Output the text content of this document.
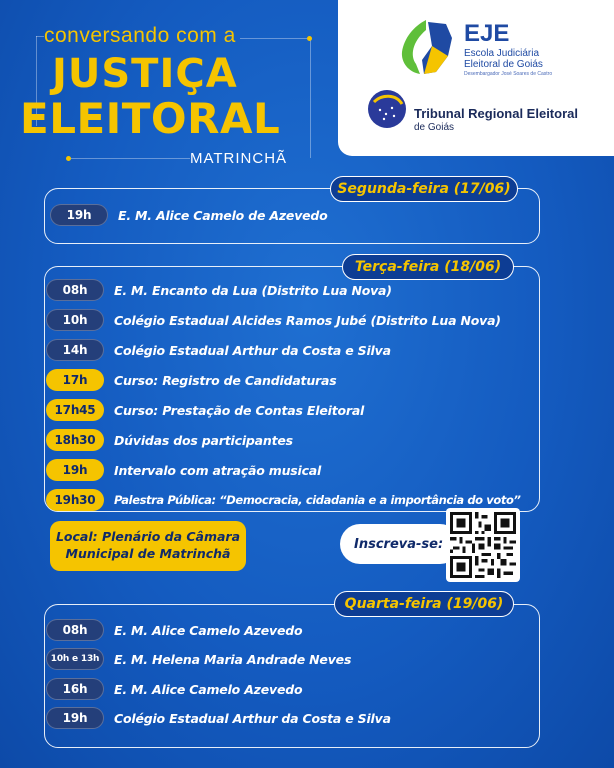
conversando com a
JUSTIÇA
ELEITORAL
MATRINCHÃ
EJE
Escola Judiciária
Eleitoral de Goiás
Desembargador José Soares de Castro
Tribunal Regional Eleitoral
de Goiás
Segunda-feira (17/06)
19h	E. M. Alice Camelo de Azevedo
Terça-feira (18/06)
08h	E. M. Encanto da Lua (Distrito Lua Nova)
10h	Colégio Estadual Alcides Ramos Jubé (Distrito Lua Nova)
14h	Colégio Estadual Arthur da Costa e Silva
17h	Curso: Registro de Candidaturas
17h45	Curso: Prestação de Contas Eleitoral
18h30	Dúvidas dos participantes
19h	Intervalo com atração musical
19h30	Palestra Pública: “Democracia, cidadania e a importância do voto”
Local: Plenário da Câmara
Municipal de Matrinchã
Inscreva-se:
Quarta-feira (19/06)
08h	E. M. Alice Camelo Azevedo
10h e 13h	E. M. Helena Maria Andrade Neves
16h	E. M. Alice Camelo Azevedo
19h	Colégio Estadual Arthur da Costa e Silva
